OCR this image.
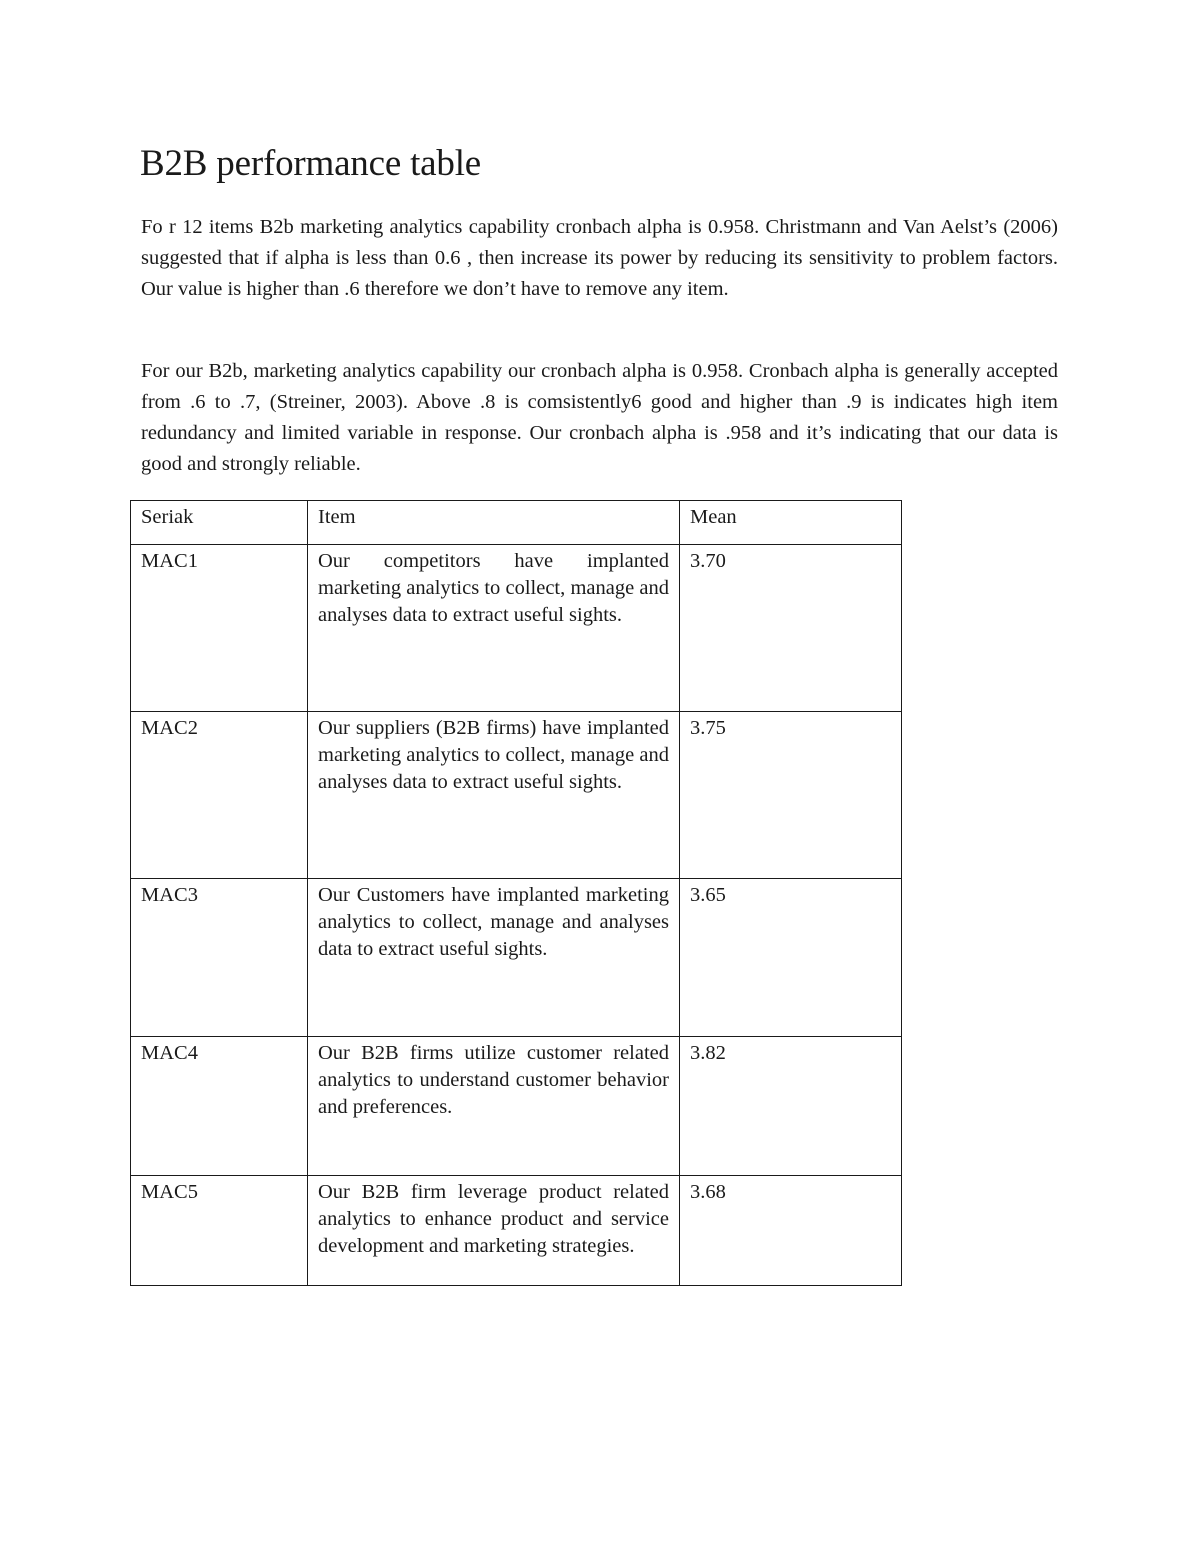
B2B performance table

Fo r 12 items B2b marketing analytics capability cronbach alpha is 0.958. Christmann and Van Aelst’s (2006) suggested that if alpha is less than 0.6 , then increase its power by reducing its sensitivity to problem factors. Our value is higher than .6 therefore we don’t have to remove any item.

For our B2b, marketing analytics capability our cronbach alpha is 0.958. Cronbach alpha is generally accepted from .6 to .7, (Streiner, 2003). Above .8 is comsistently6 good and higher than .9 is indicates high item redundancy and limited variable in response. Our cronbach alpha is .958 and it’s indicating that our data is good and strongly reliable.

Seriak	Item	Mean
MAC1	Our competitors have implanted marketing analytics to collect, manage and analyses data to extract useful sights.	3.70
MAC2	Our suppliers (B2B firms) have implanted marketing analytics to collect, manage and analyses data to extract useful sights.	3.75
MAC3	Our Customers have implanted marketing analytics to collect, manage and analyses data to extract useful sights.	3.65
MAC4	Our B2B firms utilize customer related analytics to understand customer behavior and preferences.	3.82
MAC5	Our B2B firm leverage product related analytics to enhance product and service development and marketing strategies.	3.68
